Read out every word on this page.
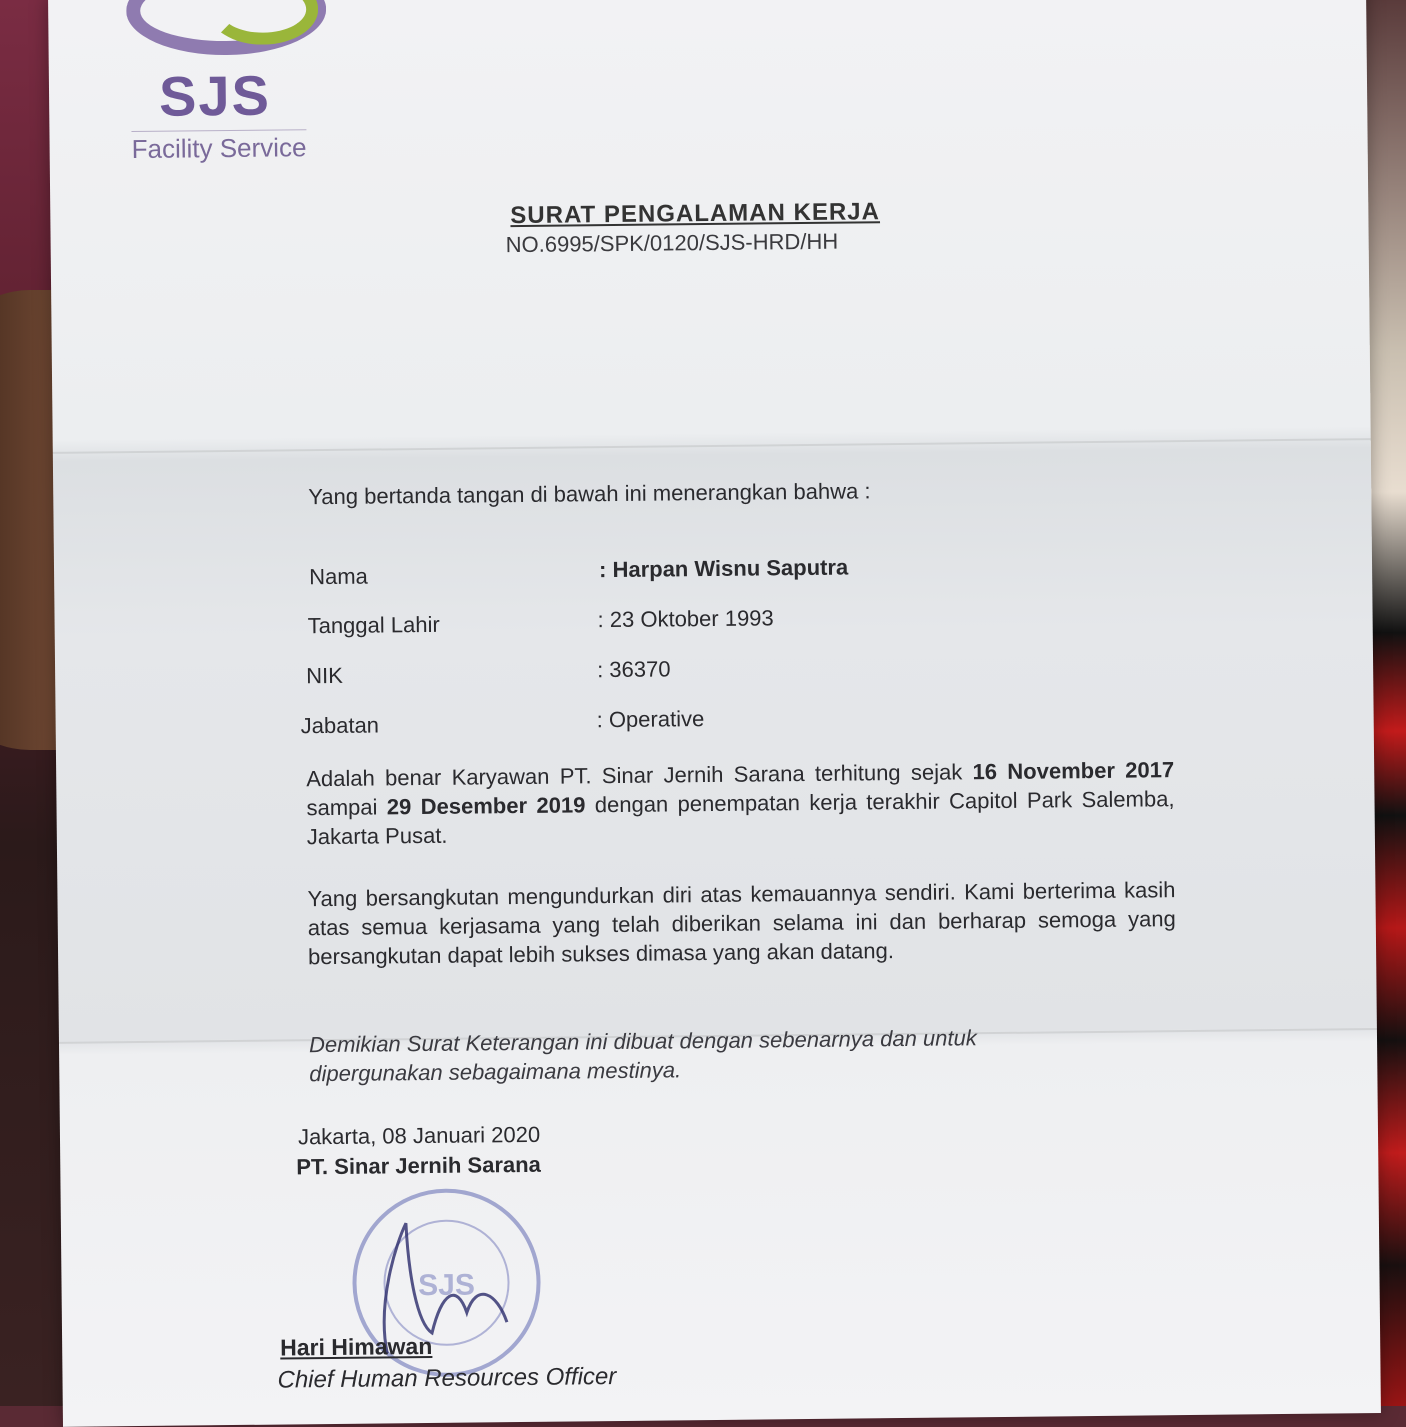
SJS
Facility Service
SURAT PENGALAMAN KERJA
NO.6995/SPK/0120/SJS-HRD/HH
Yang bertanda tangan di bawah ini menerangkan bahwa :
Nama	: Harpan Wisnu Saputra
Tanggal Lahir	: 23 Oktober 1993
NIK	: 36370
Jabatan	: Operative
Adalah benar Karyawan PT. Sinar Jernih Sarana terhitung sejak 16 November 2017 sampai 29 Desember 2019 dengan penempatan kerja terakhir Capitol Park Salemba, Jakarta Pusat.
Yang bersangkutan mengundurkan diri atas kemauannya sendiri. Kami berterima kasih atas semua kerjasama yang telah diberikan selama ini dan berharap semoga yang bersangkutan dapat lebih sukses dimasa yang akan datang.
Demikian Surat Keterangan ini dibuat dengan sebenarnya dan untuk dipergunakan sebagaimana mestinya.
Jakarta, 08 Januari 2020
PT. Sinar Jernih Sarana
SJS
Hari Himawan
Chief Human Resources Officer
